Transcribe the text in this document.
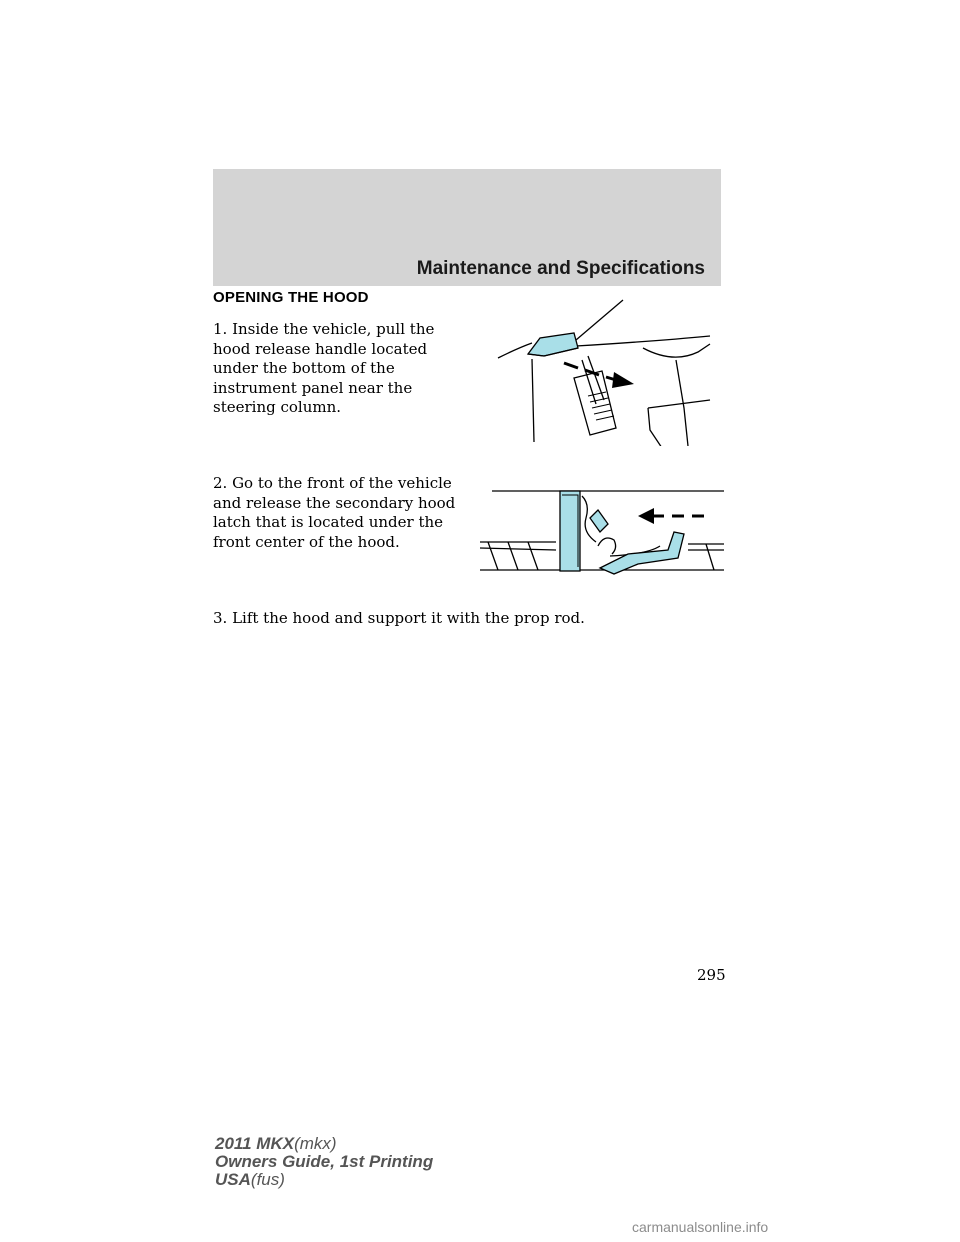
Maintenance and Specifications
OPENING THE HOOD
1. Inside the vehicle, pull the hood release handle located under the bottom of the instrument panel near the steering column.
2. Go to the front of the vehicle and release the secondary hood latch that is located under the front center of the hood.
3. Lift the hood and support it with the prop rod.
295
2011 MKX(mkx)
Owners Guide, 1st Printing
USA(fus)
carmanualsonline.info
